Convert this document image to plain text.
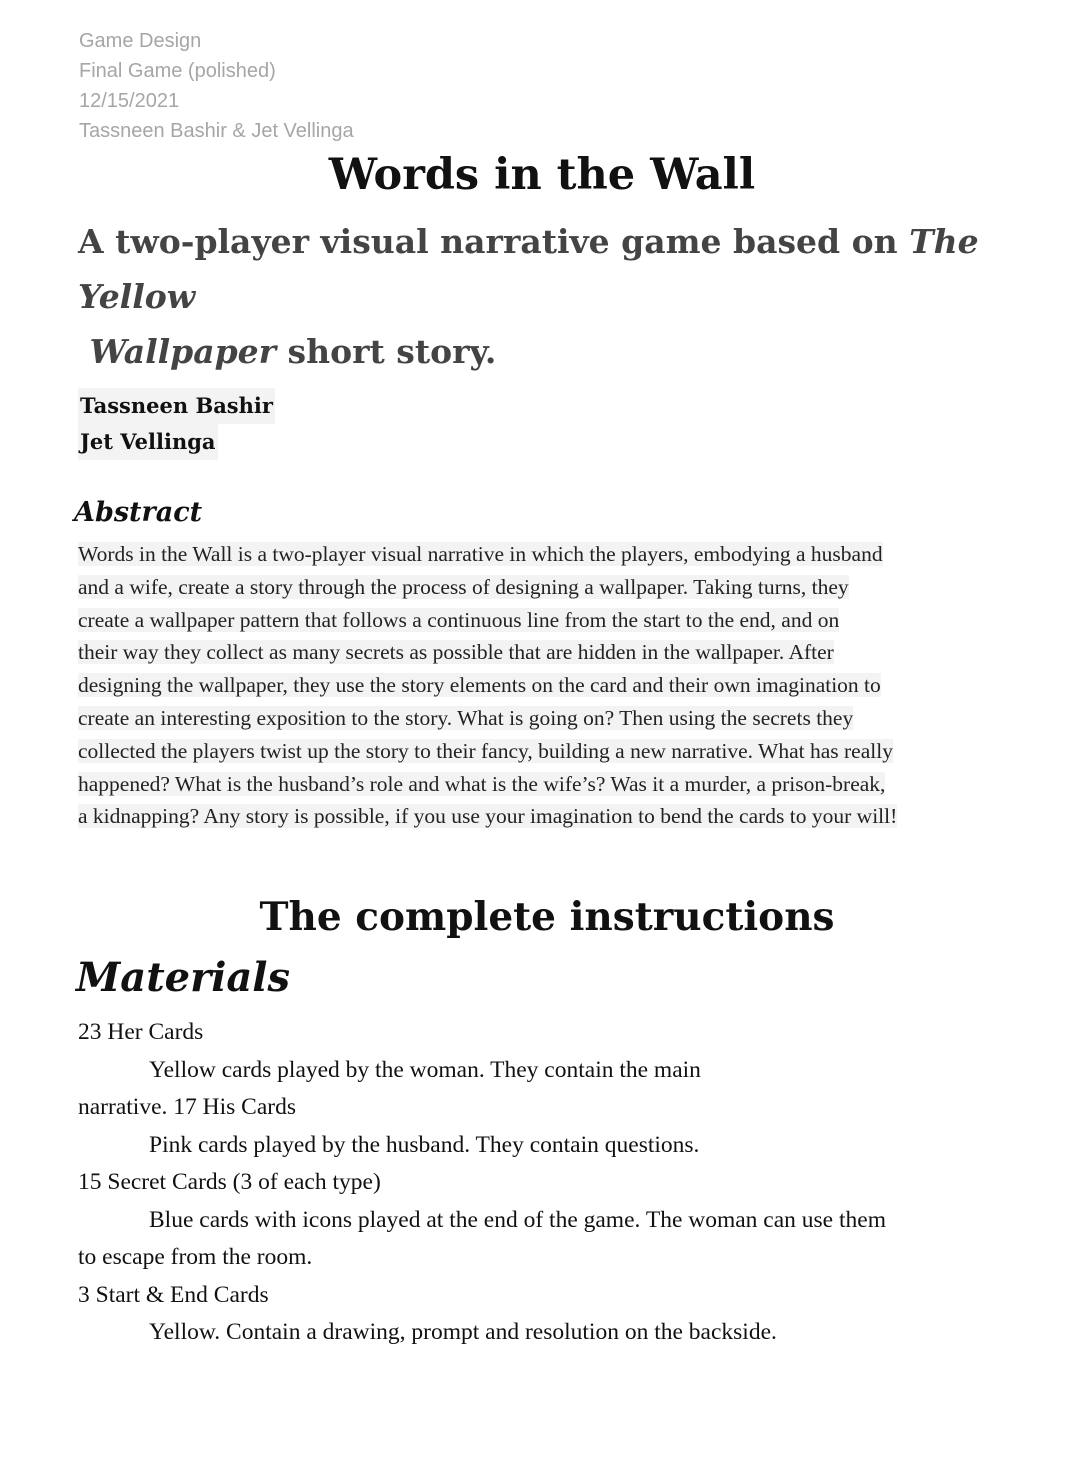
Game Design
Final Game (polished)
12/15/2021
Tassneen Bashir & Jet Vellinga
Words in the Wall
A two-player visual narrative game based on The Yellow
Wallpaper short story.
Tassneen Bashir
Jet Vellinga
Abstract
Words in the Wall is a two-player visual narrative in which the players, embodying a husband
and a wife, create a story through the process of designing a wallpaper. Taking turns, they
create a wallpaper pattern that follows a continuous line from the start to the end, and on
their way they collect as many secrets as possible that are hidden in the wallpaper. After
designing the wallpaper, they use the story elements on the card and their own imagination to
create an interesting exposition to the story. What is going on? Then using the secrets they
collected the players twist up the story to their fancy, building a new narrative. What has really
happened? What is the husband’s role and what is the wife’s? Was it a murder, a prison-break,
a kidnapping? Any story is possible, if you use your imagination to bend the cards to your will!
The complete instructions
Materials
23 Her Cards
Yellow cards played by the woman. They contain the main
narrative. 17 His Cards
Pink cards played by the husband. They contain questions.
15 Secret Cards (3 of each type)
Blue cards with icons played at the end of the game. The woman can use them
to escape from the room.
3 Start & End Cards
Yellow. Contain a drawing, prompt and resolution on the backside.
